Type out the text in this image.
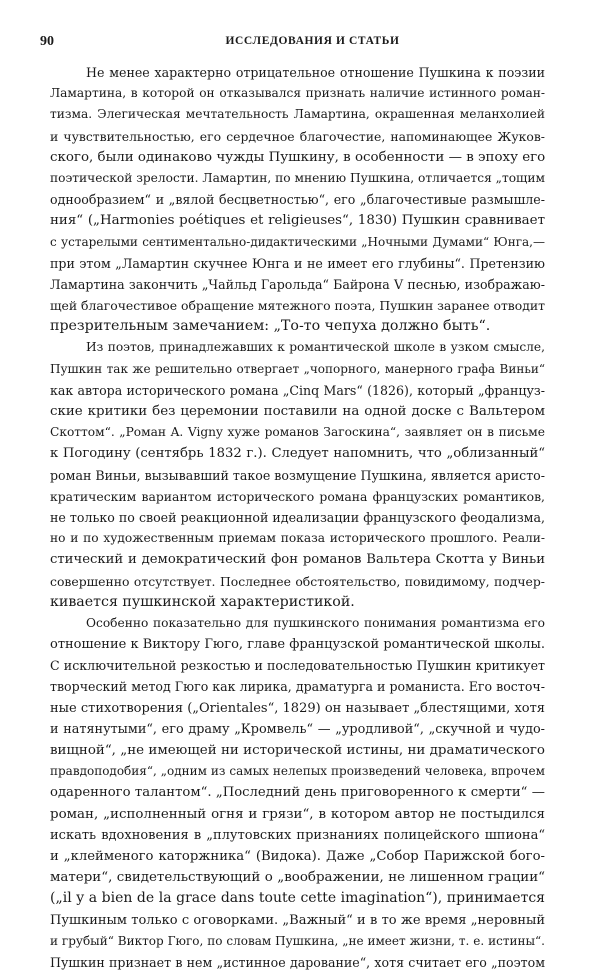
90	ИССЛЕДОВАНИЯ И СТАТЬИ
Не менее характерно отрицательное отношение Пушкина к поэзии
Ламартина, в которой он отказывался признать наличие истинного роман-
тизма. Элегическая мечтательность Ламартина, окрашенная меланхолией
и чувствительностью, его сердечное благочестие, напоминающее Жуков-
ского, были одинаково чужды Пушкину, в особенности — в эпоху его
поэтической зрелости. Ламартин, по мнению Пушкина, отличается „тощим
однообразием“ и „вялой бесцветностью“, его „благочестивые размышле-
ния“ („Harmonies poétiques et religieuses“, 1830) Пушкин сравнивает
с устарелыми сентиментально-дидактическими „Ночными Думами“ Юнга,—
при этом „Ламартин скучнее Юнга и не имеет его глубины“. Претензию
Ламартина закончить „Чайльд Гарольда“ Байрона V песнью, изображаю-
щей благочестивое обращение мятежного поэта, Пушкин заранее отводит
презрительным замечанием: „То-то чепуха должно быть“.
Из поэтов, принадлежавших к романтической школе в узком смысле,
Пушкин так же решительно отвергает „чопорного, манерного графа Виньи“
как автора исторического романа „Cinq Mars“ (1826), который „француз-
ские критики без церемонии поставили на одной доске с Вальтером
Скоттом“. „Роман A. Vigny хуже романов Загоскина“, заявляет он в письме
к Погодину (сентябрь 1832 г.). Следует напомнить, что „облизанный“
роман Виньи, вызывавший такое возмущение Пушкина, является аристо-
кратическим вариантом исторического романа французских романтиков,
не только по своей реакционной идеализации французского феодализма,
но и по художественным приемам показа исторического прошлого. Реали-
стический и демократический фон романов Вальтера Скотта у Виньи
совершенно отсутствует. Последнее обстоятельство, повидимому, подчер-
кивается пушкинской характеристикой.
Особенно показательно для пушкинского понимания романтизма его
отношение к Виктору Гюго, главе французской романтической школы.
С исключительной резкостью и последовательностью Пушкин критикует
творческий метод Гюго как лирика, драматурга и романиста. Его восточ-
ные стихотворения („Orientales“, 1829) он называет „блестящими, хотя
и натянутыми“, его драму „Кромвель“ — „уродливой“, „скучной и чудо-
вищной“, „не имеющей ни исторической истины, ни драматического
правдоподобия“, „одним из самых нелепых произведений человека, впрочем
одаренного талантом“. „Последний день приговоренного к смерти“ —
роман, „исполненный огня и грязи“, в котором автор не постыдился
искать вдохновения в „плутовских признаниях полицейского шпиона“
и „клейменого каторжника“ (Видока). Даже „Собор Парижской бого-
матери“, свидетельствующий о „воображении, не лишенном грации“
(„il y a bien de la grace dans toute cette imagination“), принимается
Пушкиным только с оговорками. „Важный“ и в то же время „неровный
и грубый“ Виктор Гюго, по словам Пушкина, „не имеет жизни, т. е. истины“.
Пушкин признает в нем „истинное дарование“, хотя считает его „поэтом
